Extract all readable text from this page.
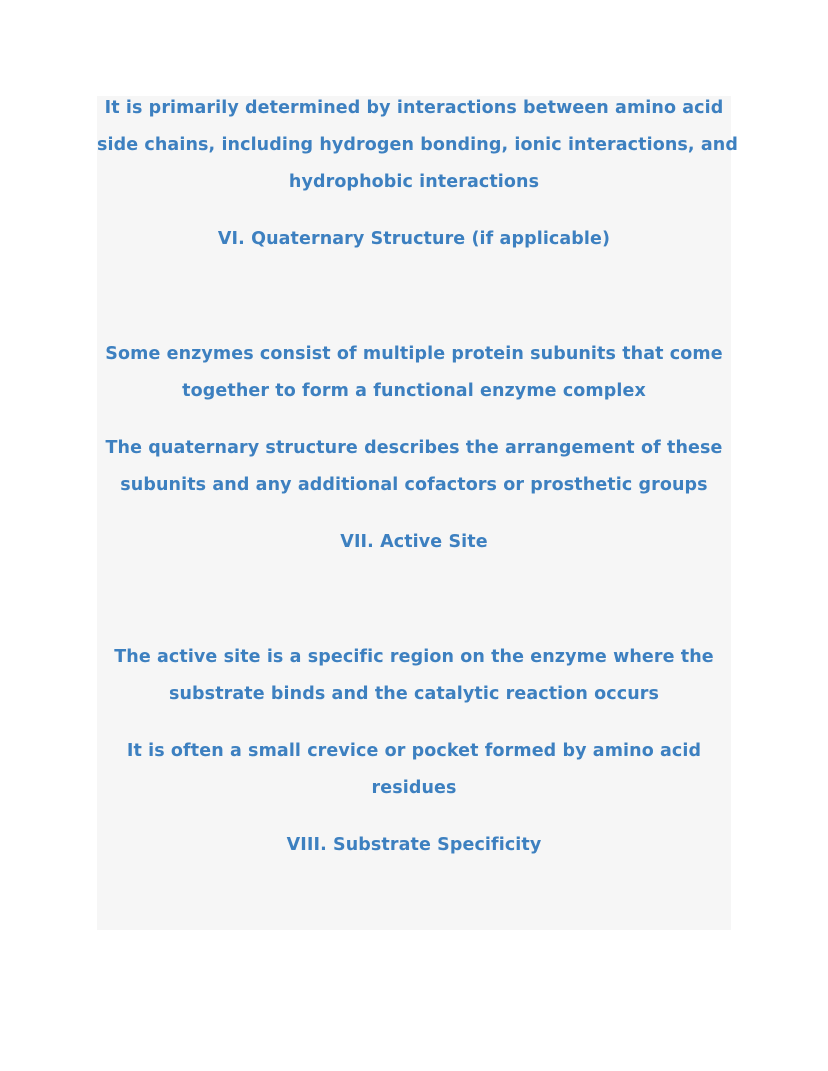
It is primarily determined by interactions between amino acid
side chains, including hydrogen bonding, ionic interactions, and
hydrophobic interactions
VI. Quaternary Structure (if applicable)
Some enzymes consist of multiple protein subunits that come
together to form a functional enzyme complex
The quaternary structure describes the arrangement of these
subunits and any additional cofactors or prosthetic groups
VII. Active Site
The active site is a specific region on the enzyme where the
substrate binds and the catalytic reaction occurs
It is often a small crevice or pocket formed by amino acid
residues
VIII. Substrate Specificity
